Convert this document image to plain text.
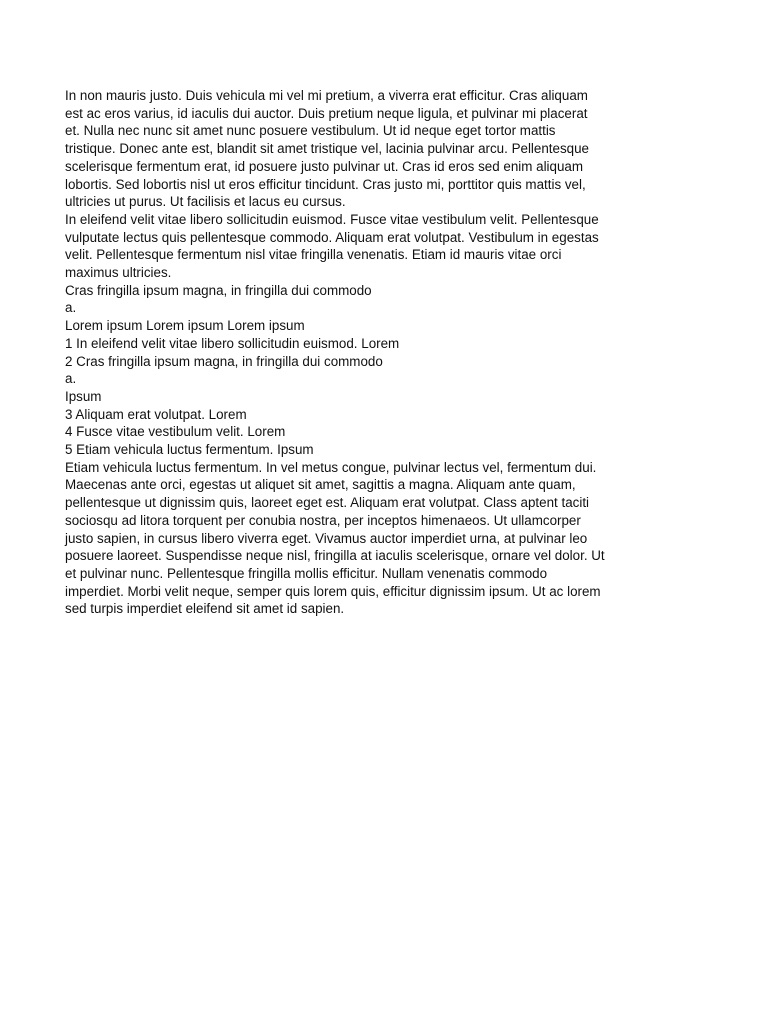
In non mauris justo. Duis vehicula mi vel mi pretium, a viverra erat efficitur. Cras aliquam

est ac eros varius, id iaculis dui auctor. Duis pretium neque ligula, et pulvinar mi placerat

et. Nulla nec nunc sit amet nunc posuere vestibulum. Ut id neque eget tortor mattis

tristique. Donec ante est, blandit sit amet tristique vel, lacinia pulvinar arcu. Pellentesque

scelerisque fermentum erat, id posuere justo pulvinar ut. Cras id eros sed enim aliquam

lobortis. Sed lobortis nisl ut eros efficitur tincidunt. Cras justo mi, porttitor quis mattis vel,

ultricies ut purus. Ut facilisis et lacus eu cursus.

In eleifend velit vitae libero sollicitudin euismod. Fusce vitae vestibulum velit. Pellentesque

vulputate lectus quis pellentesque commodo. Aliquam erat volutpat. Vestibulum in egestas

velit. Pellentesque fermentum nisl vitae fringilla venenatis. Etiam id mauris vitae orci

maximus ultricies.

Cras fringilla ipsum magna, in fringilla dui commodo

a.

Lorem ipsum Lorem ipsum Lorem ipsum

1 In eleifend velit vitae libero sollicitudin euismod. Lorem

2 Cras fringilla ipsum magna, in fringilla dui commodo

a.

Ipsum

3 Aliquam erat volutpat. Lorem

4 Fusce vitae vestibulum velit. Lorem

5 Etiam vehicula luctus fermentum. Ipsum

Etiam vehicula luctus fermentum. In vel metus congue, pulvinar lectus vel, fermentum dui.

Maecenas ante orci, egestas ut aliquet sit amet, sagittis a magna. Aliquam ante quam,

pellentesque ut dignissim quis, laoreet eget est. Aliquam erat volutpat. Class aptent taciti

sociosqu ad litora torquent per conubia nostra, per inceptos himenaeos. Ut ullamcorper

justo sapien, in cursus libero viverra eget. Vivamus auctor imperdiet urna, at pulvinar leo

posuere laoreet. Suspendisse neque nisl, fringilla at iaculis scelerisque, ornare vel dolor. Ut

et pulvinar nunc. Pellentesque fringilla mollis efficitur. Nullam venenatis commodo

imperdiet. Morbi velit neque, semper quis lorem quis, efficitur dignissim ipsum. Ut ac lorem

sed turpis imperdiet eleifend sit amet id sapien.
